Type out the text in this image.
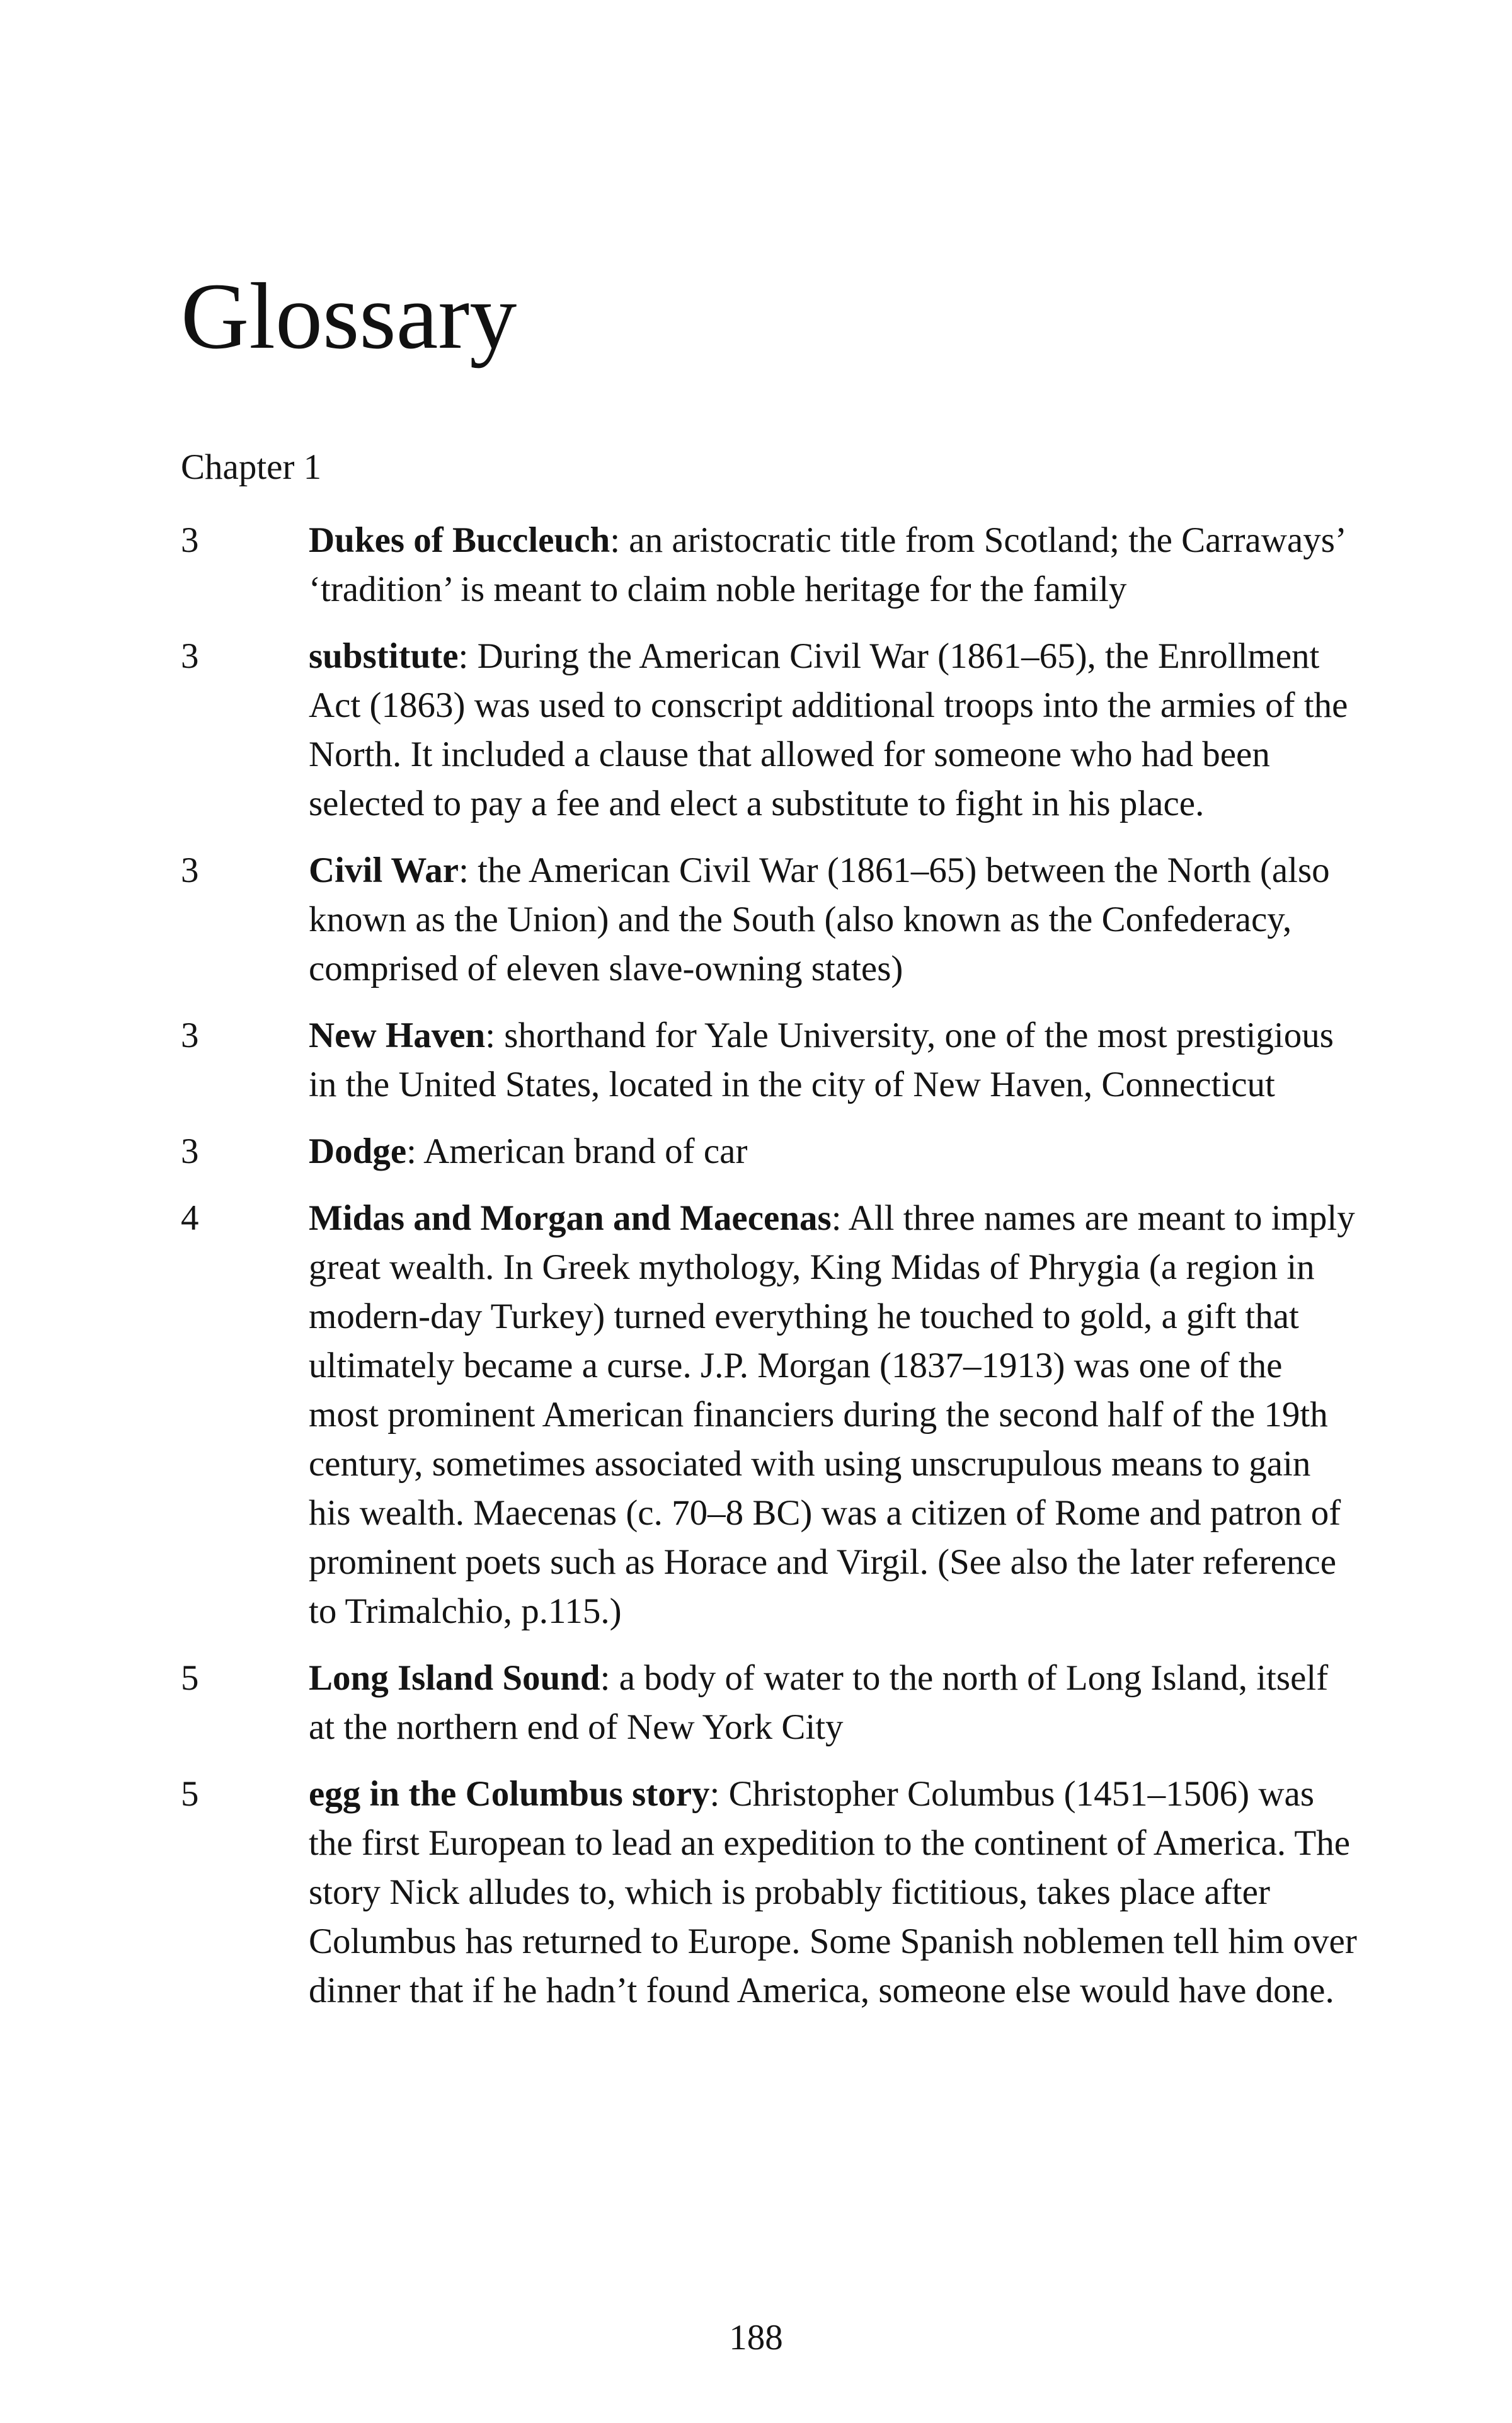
Glossary
Chapter 1
3	Dukes of Buccleuch: an aristocratic title from Scotland; the Carraways’ ‘tradition’ is meant to claim noble heritage for the family
3	substitute: During the American Civil War (1861–65), the Enrollment Act (1863) was used to conscript additional troops into the armies of the North. It included a clause that allowed for someone who had been selected to pay a fee and elect a substitute to fight in his place.
3	Civil War: the American Civil War (1861–65) between the North (also known as the Union) and the South (also known as the Confederacy, comprised of eleven slave-owning states)
3	New Haven: shorthand for Yale University, one of the most prestigious in the United States, located in the city of New Haven, Connecticut
3	Dodge: American brand of car
4	Midas and Morgan and Maecenas: All three names are meant to imply great wealth. In Greek mythology, King Midas of Phrygia (a region in modern-day Turkey) turned everything he touched to gold, a gift that ultimately became a curse. J.P. Morgan (1837–1913) was one of the most prominent American financiers during the second half of the 19th century, sometimes associated with using unscrupulous means to gain his wealth. Maecenas (c. 70–8 BC) was a citizen of Rome and patron of prominent poets such as Horace and Virgil. (See also the later reference to Trimalchio, p.115.)
5	Long Island Sound: a body of water to the north of Long Island, itself at the northern end of New York City
5	egg in the Columbus story: Christopher Columbus (1451–1506) was the first European to lead an expedition to the continent of America. The story Nick alludes to, which is probably fictitious, takes place after Columbus has returned to Europe. Some Spanish noblemen tell him over dinner that if he hadn’t found America, someone else would have done.
188
